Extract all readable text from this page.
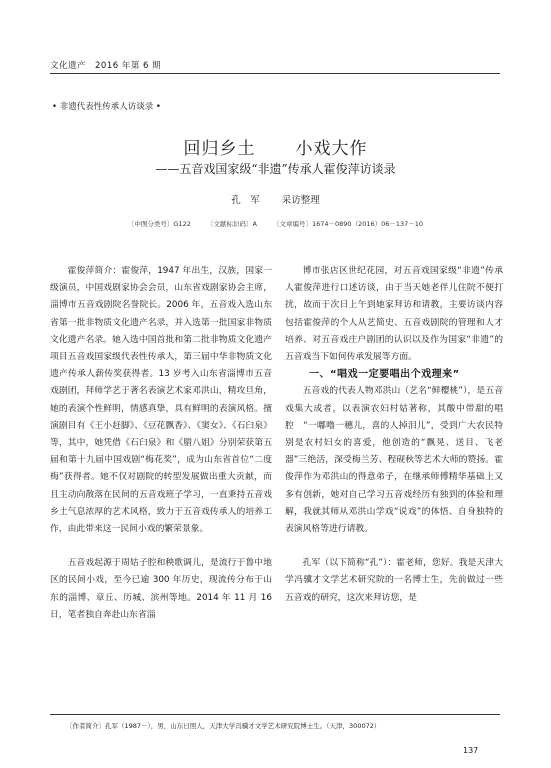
文化遗产　2016 年第 6 期
• 非遗代表性传承人访谈录 •
回归乡土 小戏大作
——五音戏国家级“非遗”传承人霍俊萍访谈录
孔　军 采访整理
〔中图分类号〕G122 〔文献标识码〕A 〔文章编号〕1674－0890（2016）06－137－10

霍俊萍简介：霍俊萍，1947 年出生，汉族，国家一级演员，中国戏剧家协会会员，山东省戏剧家协会主席，淄博市五音戏剧院名誉院长。2006 年，五音戏入选山东省第一批非物质文化遗产名录，并入选第一批国家非物质文化遗产名录。她入选中国首批和第二批非物质文化遗产项目五音戏国家级代表性传承人，第三届中华非物质文化遗产传承人薪传奖获得者。13 岁考入山东省淄博市五音戏剧团，拜师学艺于著名表演艺术家邓洪山，精攻旦角，她的表演个性鲜明，情感真挚，具有鲜明的表演风格。擅演剧目有《王小赶脚》、《豆花飘香》、《窦女》、《石臼泉》等，其中，她凭借《石臼泉》和《腊八姐》分别荣获第五届和第十九届中国戏剧“梅花奖”，成为山东省首位“二度梅”获得者。她不仅对剧院的转型发展做出重大贡献，而且主动向散落在民间的五音戏班子学习，一直秉持五音戏乡土气息浓厚的艺术风格，致力于五音戏传承人的培养工作，由此带来这一民间小戏的繁荣景象。

五音戏起源于周姑子腔和秧歌调儿，是流行于鲁中地区的民间小戏，至今已逾 300 年历史，现流传分布于山东的淄博、章丘、历城、滨州等地。2014 年 11 月 16 日，笔者独自奔赴山东省淄

博市张店区世纪花园，对五音戏国家级“非遗”传承人霍俊萍进行口述访谈，由于当天她老伴儿住院不便打扰，故而于次日上午到她家拜访和请教，主要访谈内容包括霍俊萍的个人从艺简史、五音戏剧院的管理和人才培养、对五音戏庄户剧团的认识以及作为国家“非遗”的五音戏当下如何传承发展等方面。

一、“唱戏一定要唱出个戏理来”

五音戏的代表人物邓洪山（艺名“鲜樱桃”），是五音戏集大成者，以表演农妇村姑著称，其酸中带甜的唱腔　“一嘟噜一穗儿，喜的人掉泪儿”，受到广大农民特别是农村妇女的喜爱，他创造的“飘晃、送目、飞老器”三绝活，深受梅兰芳、程砚秋等艺术大师的赞扬。霍俊萍作为邓洪山的得意弟子，在继承师傅精华基础上又多有创新，她对自己学习五音戏经历有独到的体验和理解，我就其师从邓洪山学戏“说戏”的体悟、自身独特的表演风格等进行请教。

孔军（以下简称“孔”）：霍老师，您好。我是天津大学冯骥才文学艺术研究院的一名博士生，先前做过一些五音戏的研究，这次来拜访您，是

〔作者简介〕孔军（1987－），男，山东日照人，天津大学冯骥才文学艺术研究院博士生。（天津，300072）
137
